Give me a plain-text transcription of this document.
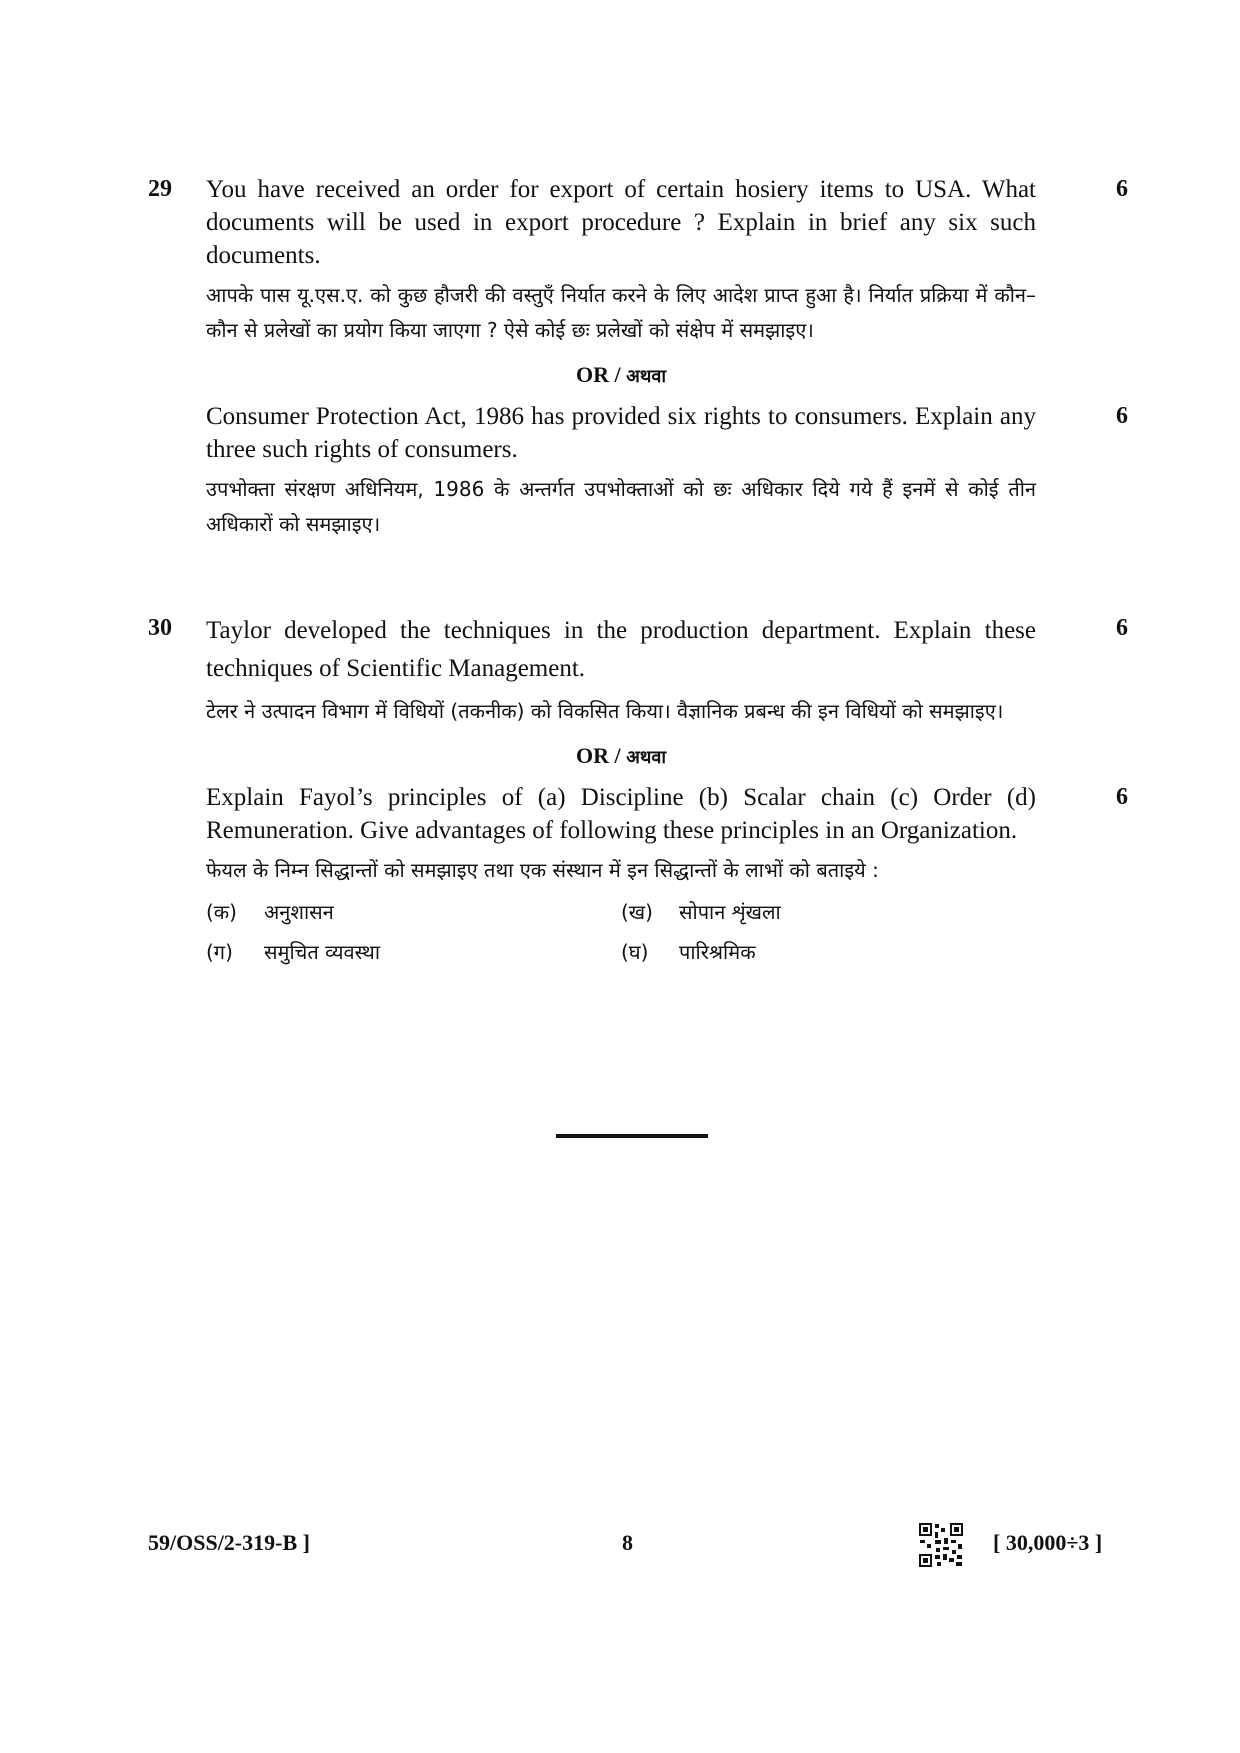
29	6

You have received an order for export of certain hosiery items to USA. What documents will be used in export procedure ? Explain in brief any six such documents.

आपके पास यू.एस.ए. को कुछ हौजरी की वस्तुएँ निर्यात करने के लिए आदेश प्राप्त हुआ है। निर्यात प्रक्रिया में कौन–कौन से प्रलेखों का प्रयोग किया जाएगा ? ऐसे कोई छः प्रलेखों को संक्षेप में समझाइए।

OR / अथवा
6

Consumer Protection Act, 1986 has provided six rights to consumers. Explain any three such rights of consumers.

उपभोक्ता संरक्षण अधिनियम, 1986 के अन्तर्गत उपभोक्ताओं को छः अधिकार दिये गये हैं इनमें से कोई तीन अधिकारों को समझाइए।

30	6

Taylor developed the techniques in the production department. Explain these techniques of Scientific Management.

टेलर ने उत्पादन विभाग में विधियों (तकनीक) को विकसित किया। वैज्ञानिक प्रबन्ध की इन विधियों को समझाइए।

OR / अथवा
6

Explain Fayol’s principles of (a) Discipline (b) Scalar chain (c) Order (d) Remuneration. Give advantages of following these principles in an Organization.

फेयल के निम्न सिद्धान्तों को समझाइए तथा एक संस्थान में इन सिद्धान्तों के लाभों को बताइये :

(क) अनुशासन	(ख) सोपान शृंखला
(ग) समुचित व्यवस्था	(घ) पारिश्रमिक
59/OSS/2-319-B ]	8	[ 30,000÷3 ]
